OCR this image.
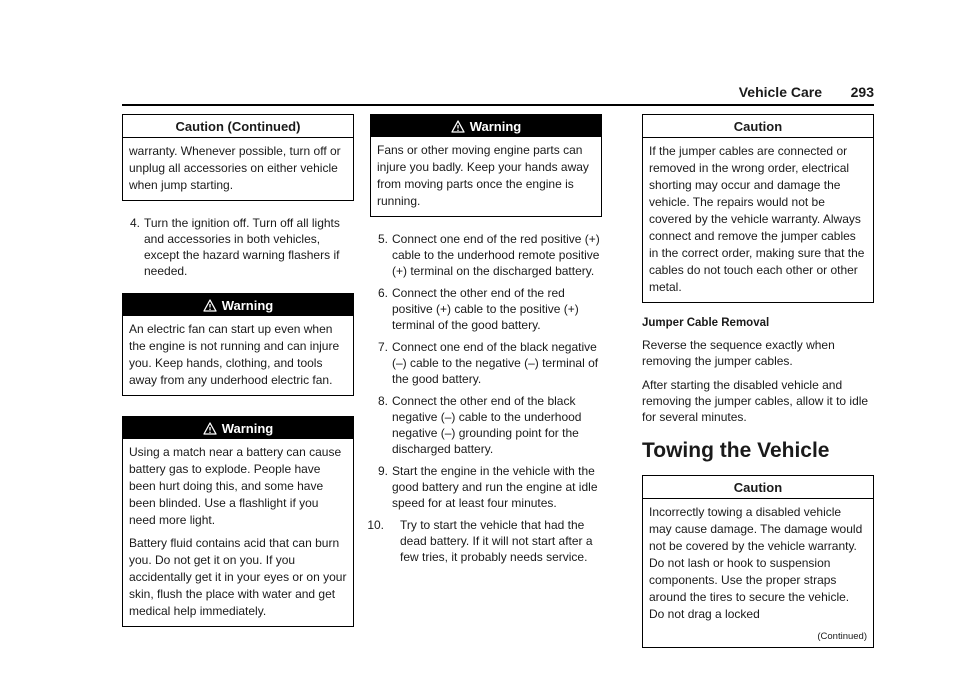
Vehicle Care 293
Caution (Continued)

warranty. Whenever possible, turn off or unplug all accessories on either vehicle when jump starting.

4. Turn the ignition off. Turn off all lights and accessories in both vehicles, except the hazard warning flashers if needed.
Warning

An electric fan can start up even when the engine is not running and can injure you. Keep hands, clothing, and tools away from any underhood electric fan.

Warning

Using a match near a battery can cause battery gas to explode. People have been hurt doing this, and some have been blinded. Use a flashlight if you need more light.

Battery fluid contains acid that can burn you. Do not get it on you. If you accidentally get it in your eyes or on your skin, flush the place with water and get medical help immediately.

Warning

Fans or other moving engine parts can injure you badly. Keep your hands away from moving parts once the engine is running.

5. Connect one end of the red positive (+) cable to the underhood remote positive (+) terminal on the discharged battery.
6. Connect the other end of the red positive (+) cable to the positive (+) terminal of the good battery.
7. Connect one end of the black negative (–) cable to the negative (–) terminal of the good battery.
8. Connect the other end of the black negative (–) cable to the underhood negative (–) grounding point for the discharged battery.
9. Start the engine in the vehicle with the good battery and run the engine at idle speed for at least four minutes.
10. Try to start the vehicle that had the dead battery. If it will not start after a few tries, it probably needs service.
Caution

If the jumper cables are connected or removed in the wrong order, electrical shorting may occur and damage the vehicle. The repairs would not be covered by the vehicle warranty. Always connect and remove the jumper cables in the correct order, making sure that the cables do not touch each other or other metal.

Jumper Cable Removal

Reverse the sequence exactly when removing the jumper cables.

After starting the disabled vehicle and removing the jumper cables, allow it to idle for several minutes.

Towing the Vehicle
Caution

Incorrectly towing a disabled vehicle may cause damage. The damage would not be covered by the vehicle warranty. Do not lash or hook to suspension components. Use the proper straps around the tires to secure the vehicle. Do not drag a locked

(Continued)
